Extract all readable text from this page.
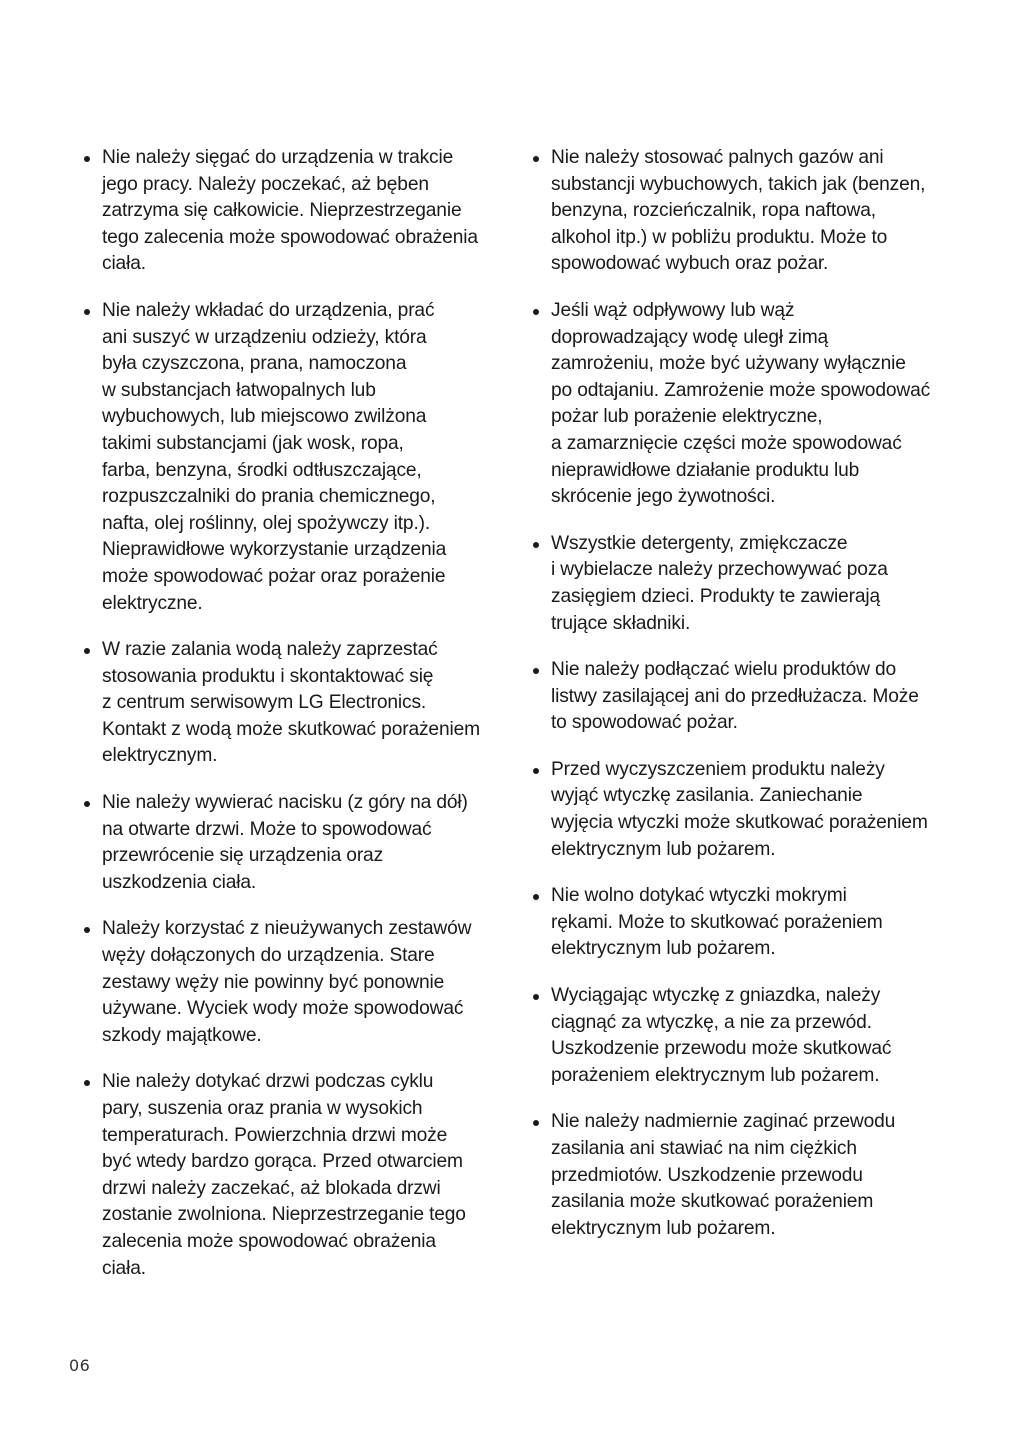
Nie należy sięgać do urządzenia w trakcie
jego pracy. Należy poczekać, aż bęben
zatrzyma się całkowicie. Nieprzestrzeganie
tego zalecenia może spowodować obrażenia
ciała.
Nie należy wkładać do urządzenia, prać
ani suszyć w urządzeniu odzieży, która
była czyszczona, prana, namoczona
w substancjach łatwopalnych lub
wybuchowych, lub miejscowo zwilżona
takimi substancjami (jak wosk, ropa,
farba, benzyna, środki odtłuszczające,
rozpuszczalniki do prania chemicznego,
nafta, olej roślinny, olej spożywczy itp.).
Nieprawidłowe wykorzystanie urządzenia
może spowodować pożar oraz porażenie
elektryczne.
W razie zalania wodą należy zaprzestać
stosowania produktu i skontaktować się
z centrum serwisowym LG Electronics.
Kontakt z wodą może skutkować porażeniem
elektrycznym.
Nie należy wywierać nacisku (z góry na dół)
na otwarte drzwi. Może to spowodować
przewrócenie się urządzenia oraz
uszkodzenia ciała.
Należy korzystać z nieużywanych zestawów
węży dołączonych do urządzenia. Stare
zestawy węży nie powinny być ponownie
używane. Wyciek wody może spowodować
szkody majątkowe.
Nie należy dotykać drzwi podczas cyklu
pary, suszenia oraz prania w wysokich
temperaturach. Powierzchnia drzwi może
być wtedy bardzo gorąca. Przed otwarciem
drzwi należy zaczekać, aż blokada drzwi
zostanie zwolniona. Nieprzestrzeganie tego
zalecenia może spowodować obrażenia
ciała.
Nie należy stosować palnych gazów ani
substancji wybuchowych, takich jak (benzen,
benzyna, rozcieńczalnik, ropa naftowa,
alkohol itp.) w pobliżu produktu. Może to
spowodować wybuch oraz pożar.
Jeśli wąż odpływowy lub wąż
doprowadzający wodę uległ zimą
zamrożeniu, może być używany wyłącznie
po odtajaniu. Zamrożenie może spowodować
pożar lub porażenie elektryczne,
a zamarznięcie części może spowodować
nieprawidłowe działanie produktu lub
skrócenie jego żywotności.
Wszystkie detergenty, zmiękczacze
i wybielacze należy przechowywać poza
zasięgiem dzieci. Produkty te zawierają
trujące składniki.
Nie należy podłączać wielu produktów do
listwy zasilającej ani do przedłużacza. Może
to spowodować pożar.
Przed wyczyszczeniem produktu należy
wyjąć wtyczkę zasilania. Zaniechanie
wyjęcia wtyczki może skutkować porażeniem
elektrycznym lub pożarem.
Nie wolno dotykać wtyczki mokrymi
rękami. Może to skutkować porażeniem
elektrycznym lub pożarem.
Wyciągając wtyczkę z gniazdka, należy
ciągnąć za wtyczkę, a nie za przewód.
Uszkodzenie przewodu może skutkować
porażeniem elektrycznym lub pożarem.
Nie należy nadmiernie zaginać przewodu
zasilania ani stawiać na nim ciężkich
przedmiotów. Uszkodzenie przewodu
zasilania może skutkować porażeniem
elektrycznym lub pożarem.
06
